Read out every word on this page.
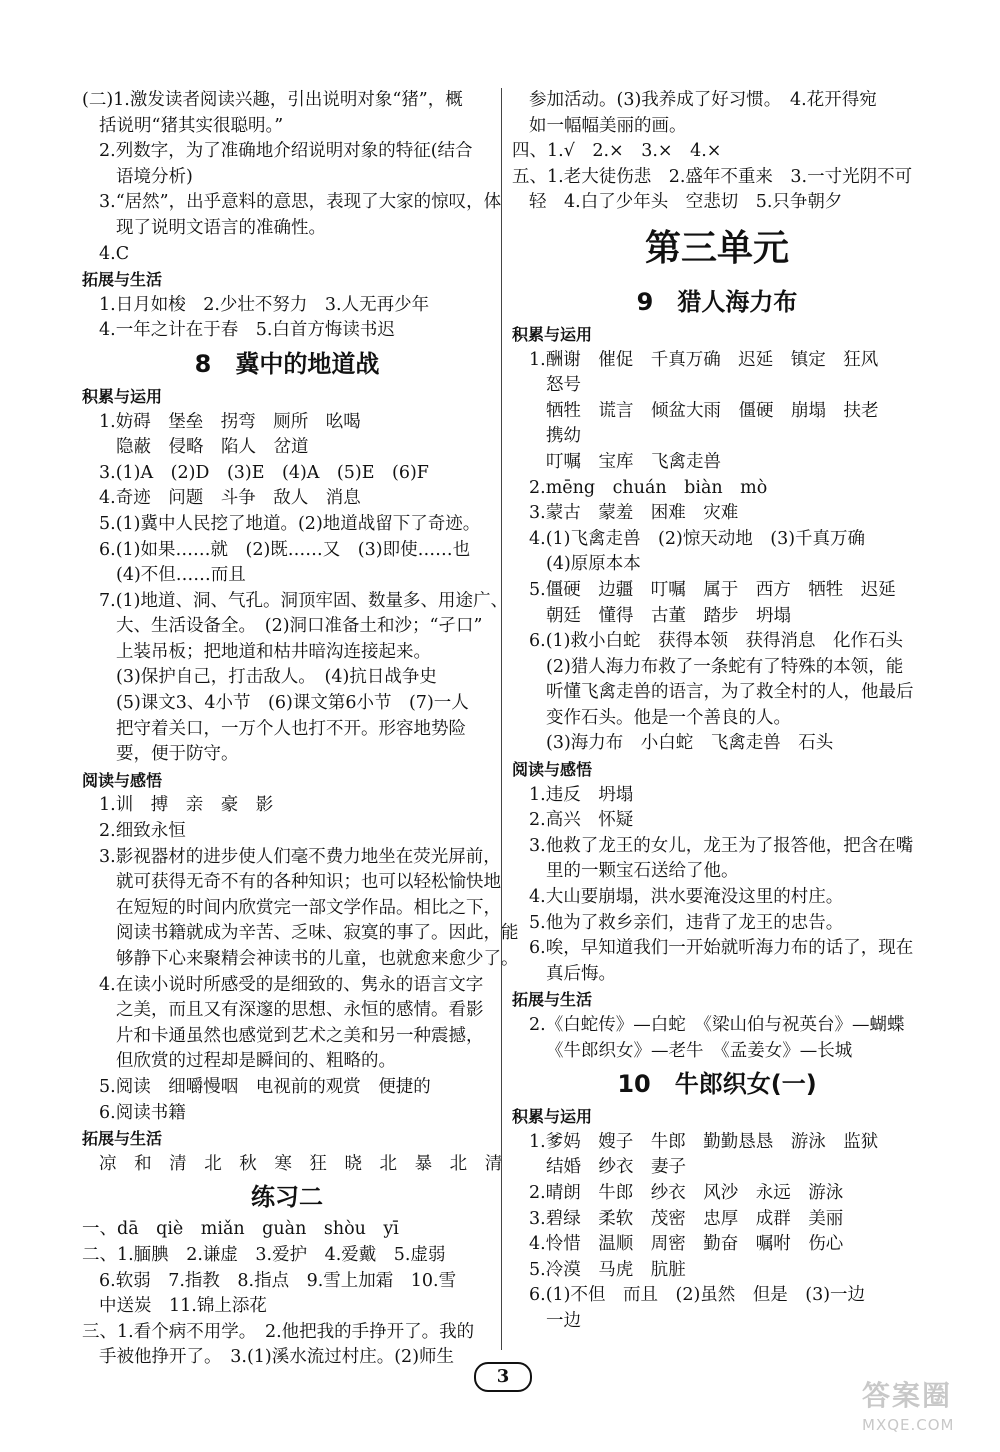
(二)1.激发读者阅读兴趣，引出说明对象“猪”，概
括说明“猪其实很聪明。”
2.列数字，为了准确地介绍说明对象的特征(结合
语境分析)
3.“居然”，出乎意料的意思，表现了大家的惊叹，体
现了说明文语言的准确性。
4.C
拓展与生活
1.日月如梭　2.少壮不努力　3.人无再少年
4.一年之计在于春　5.白首方悔读书迟
8　冀中的地道战
积累与运用
1.妨碍　堡垒　拐弯　厕所　吆喝
隐蔽　侵略　陷人　岔道
3.(1)A　(2)D　(3)E　(4)A　(5)E　(6)F
4.奇迹　问题　斗争　敌人　消息
5.(1)冀中人民挖了地道。(2)地道战留下了奇迹。
6.(1)如果……就　(2)既……又　(3)即使……也
(4)不但……而且
7.(1)地道、洞、气孔。洞顶牢固、数量多、用途广、
大、生活设备全。　(2)洞口准备土和沙；“孑口”
上装吊板；把地道和枯井暗沟连接起来。
(3)保护自己，打击敌人。　(4)抗日战争史
(5)课文3、4小节　(6)课文第6小节　(7)一人
把守着关口，一万个人也打不开。形容地势险
要，便于防守。
阅读与感悟
1.训　搏　亲　豪　影
2.细致永恒
3.影视器材的进步使人们毫不费力地坐在荧光屏前，
就可获得无奇不有的各种知识；也可以轻松愉快地
在短短的时间内欣赏完一部文学作品。相比之下，
阅读书籍就成为辛苦、乏味、寂寞的事了。因此，能
够静下心来聚精会神读书的儿童，也就愈来愈少了。
4.在读小说时所感受的是细致的、隽永的语言文字
之美，而且又有深邃的思想、永恒的感情。看影
片和卡通虽然也感觉到艺术之美和另一种震撼，
但欣赏的过程却是瞬间的、粗略的。
5.阅读　细嚼慢咽　电视前的观赏　便捷的
6.阅读书籍
拓展与生活
凉 和 清 北 秋 寒 狂 晓 北 暴 北 清
练习二
一、dā　qiè　miǎn　guàn　shòu　yī
二、1.腼腆　2.谦虚　3.爱护　4.爱戴　5.虚弱
6.软弱　7.指教　8.指点　9.雪上加霜　10.雪
中送炭　11.锦上添花
三、1.看个病不用学。　2.他把我的手挣开了。我的
手被他挣开了。　3.(1)溪水流过村庄。(2)师生
参加活动。(3)我养成了好习惯。　4.花开得宛
如一幅幅美丽的画。
四、1.√　2.×　3.×　4.×
五、1.老大徒伤悲　2.盛年不重来　3.一寸光阴不可
轻　4.白了少年头　空悲切　5.只争朝夕
第三单元
9　猎人海力布
积累与运用
1.酬谢　催促　千真万确　迟延　镇定　狂风
怒号
牺牲　谎言　倾盆大雨　僵硬　崩塌　扶老
携幼
叮嘱　宝库　飞禽走兽
2.mēng　chuán　biàn　mò
3.蒙古　蒙羞　困难　灾难
4.(1)飞禽走兽　(2)惊天动地　(3)千真万确
(4)原原本本
5.僵硬　边疆　叮嘱　属于　西方　牺牲　迟延
朝廷　懂得　古董　踏步　坍塌
6.(1)救小白蛇　获得本领　获得消息　化作石头
(2)猎人海力布救了一条蛇有了特殊的本领，能
听懂飞禽走兽的语言，为了救全村的人，他最后
变作石头。他是一个善良的人。
(3)海力布　小白蛇　飞禽走兽　石头
阅读与感悟
1.违反　坍塌
2.高兴　怀疑
3.他救了龙王的女儿，龙王为了报答他，把含在嘴
里的一颗宝石送给了他。
4.大山要崩塌，洪水要淹没这里的村庄。
5.他为了救乡亲们，违背了龙王的忠告。
6.唉，早知道我们一开始就听海力布的话了，现在
真后悔。
拓展与生活
2.《白蛇传》—白蛇　《梁山伯与祝英台》—蝴蝶
《牛郎织女》—老牛　《孟姜女》—长城
10　牛郎织女(一)
积累与运用
1.爹妈　嫂子　牛郎　勤勤恳恳　游泳　监狱
结婚　纱衣　妻子
2.晴朗　牛郎　纱衣　风沙　永远　游泳
3.碧绿　柔软　茂密　忠厚　成群　美丽
4.怜惜　温顺　周密　勤奋　嘱咐　伤心
5.冷漠　马虎　肮脏
6.(1)不但　而且　(2)虽然　但是　(3)一边
一边
3
答案圈
MXQE.COM
